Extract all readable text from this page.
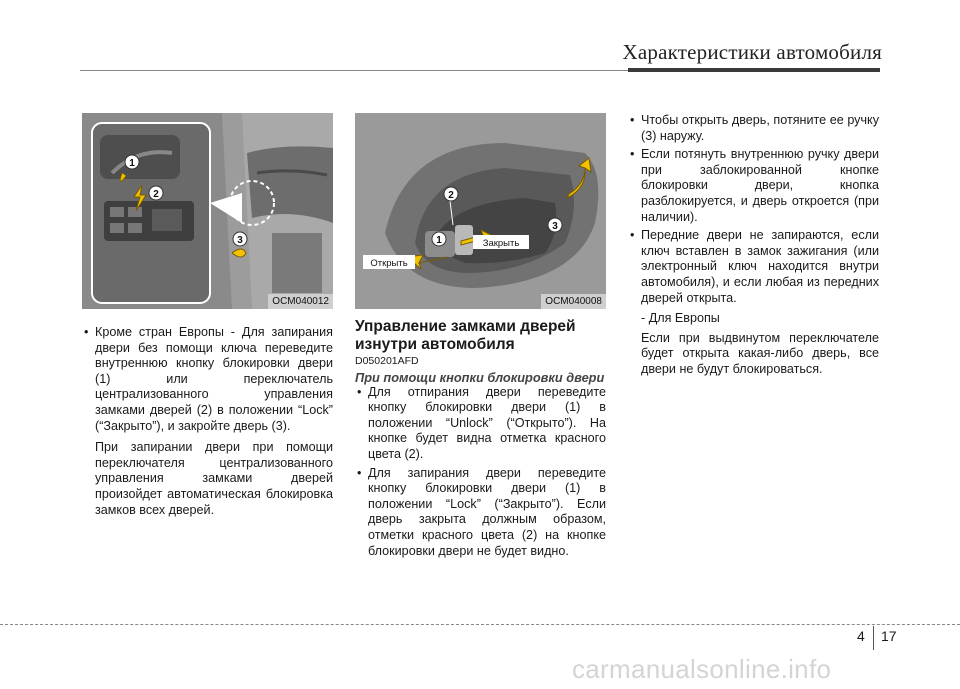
Характеристики автомобиля
1
2
3
OCM040012
Открыть
Закрыть
1
2
3
OCM040008

• Кроме стран Европы - Для запирания двери без помощи ключа переведите внутреннюю кнопку блокировки двери (1) или переключатель централизованного управления замками дверей (2) в положении “Lock” (“Закрыто”), и закройте дверь (3).

При запирании двери при помощи переключателя централизованного управления замками дверей произойдет автоматическая блокировка замков всех дверей.

Управление замками дверей изнутри автомобиля

D050201AFD

При помощи кнопки блокировки двери

• Для отпирания двери переведите кнопку блокировки двери (1) в положении “Unlock” (“Открыто”). На кнопке будет видна отметка красного цвета (2).

• Для запирания двери переведите кнопку блокировки двери (1) в положении “Lock” (“Закрыто”). Если дверь закрыта должным образом, отметки красного цвета (2) на кнопке блокировки двери не будет видно.

• Чтобы открыть дверь, потяните ее ручку (3) наружу.

• Если потянуть внутреннюю ручку двери при заблокированной кнопке блокировки двери, кнопка разблокируется, и дверь откроется (при наличии).

• Передние двери не запираются, если ключ вставлен в замок зажигания (или электронный ключ находится внутри автомобиля), и если любая из передних дверей открыта.

- Для Европы

Если при выдвинутом переключателе будет открыта какая-либо дверь, все двери не будут блокироваться.

4 17
carmanualsonline.info
